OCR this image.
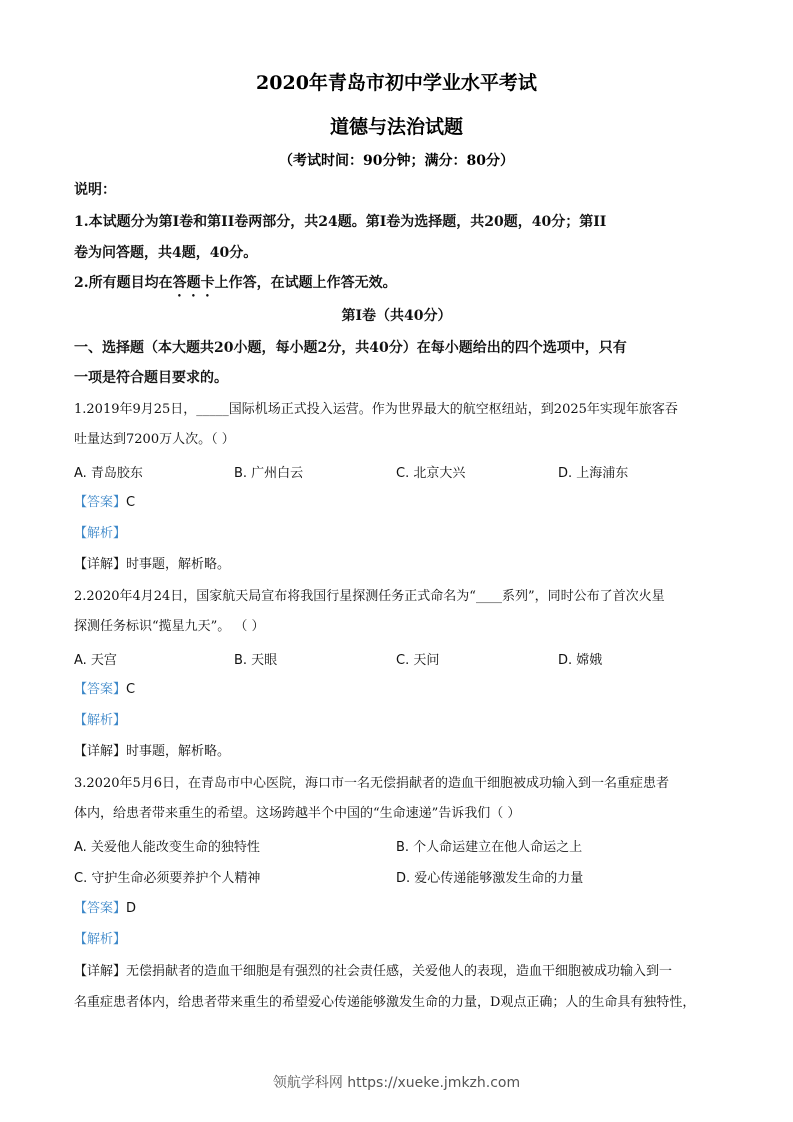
2020年青岛市初中学业水平考试
道德与法治试题
（考试时间：90分钟；满分：80分）
说明：
1.本试题分为第Ⅰ卷和第II卷两部分，共24题。第Ⅰ卷为选择题，共20题，40分；第II
卷为问答题，共4题，40分。
2.所有题目均在答题卡上作答，在试题上作答无效。
第Ⅰ卷（共40分）
一、选择题（本大题共20小题，每小题2分，共40分）在每小题给出的四个选项中，只有
一项是符合题目要求的。
1.2019年9月25日，_____国际机场正式投入运营。作为世界最大的航空枢纽站，到2025年实现年旅客吞
吐量达到7200万人次。（ ）
A. 青岛胶东	B. 广州白云	C. 北京大兴	D. 上海浦东
【答案】C
【解析】
【详解】时事题，解析略。
2.2020年4月24日，国家航天局宣布将我国行星探测任务正式命名为“____系列”，同时公布了首次火星
探测任务标识“揽星九天”。 （ ）
A. 天宫	B. 天眼	C. 天问	D. 嫦娥
【答案】C
【解析】
【详解】时事题，解析略。
3.2020年5月6日，在青岛市中心医院，海口市一名无偿捐献者的造血干细胞被成功输入到一名重症患者
体内，给患者带来重生的希望。这场跨越半个中国的“生命速递”告诉我们（ ）
A. 关爱他人能改变生命的独特性	B. 个人命运建立在他人命运之上
C. 守护生命必须要养护个人精神	D. 爱心传递能够激发生命的力量
【答案】D
【解析】
【详解】无偿捐献者的造血干细胞是有强烈的社会责任感，关爱他人的表现，造血干细胞被成功输入到一
名重症患者体内，给患者带来重生的希望爱心传递能够激发生命的力量，D观点正确；人的生命具有独特性，
领航学科网 https://xueke.jmkzh.com
